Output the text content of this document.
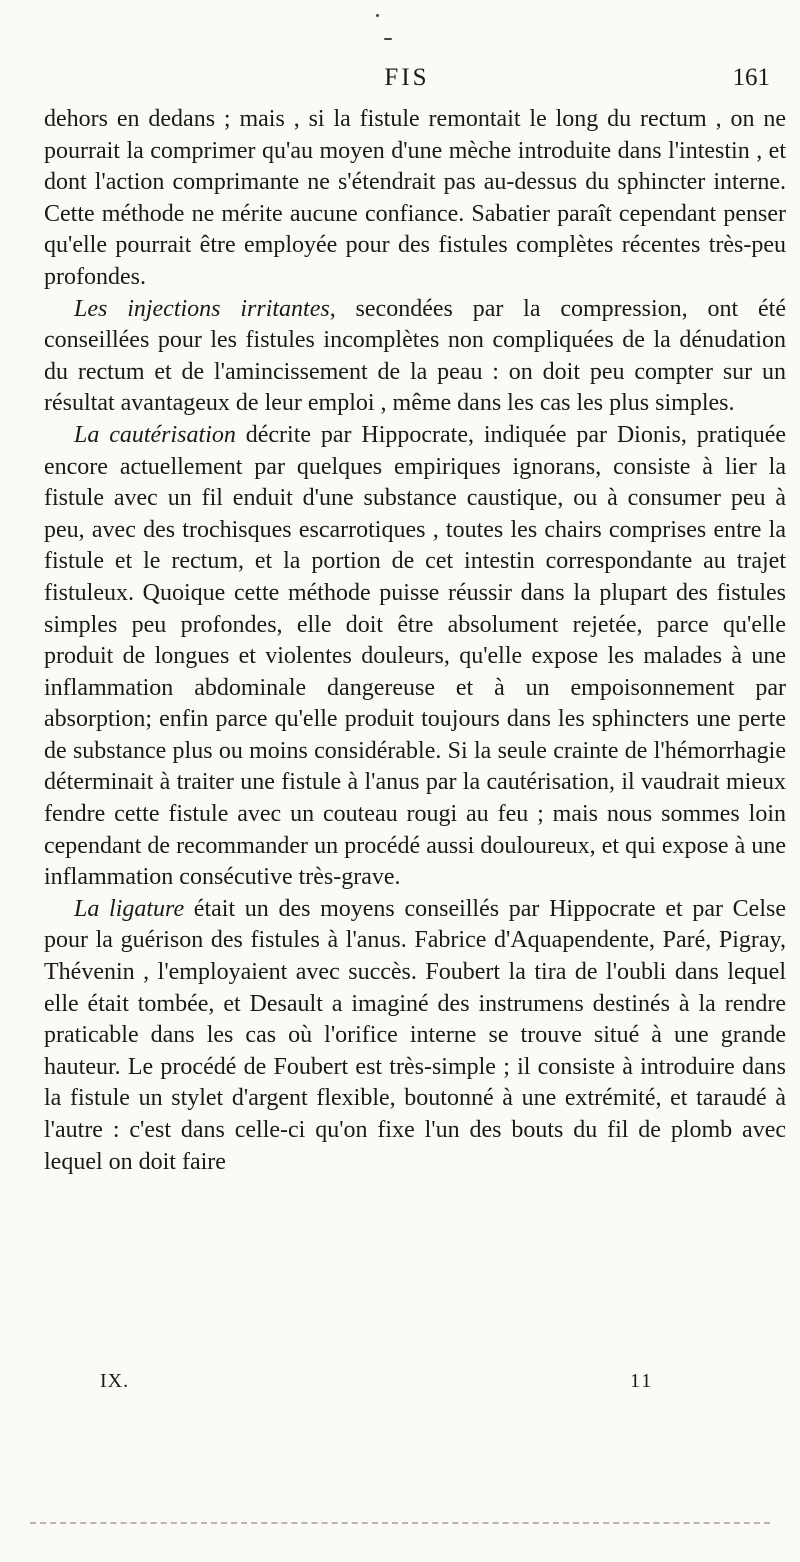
FIS	161

dehors en dedans ; mais , si la fistule remontait le long du rectum , on ne pourrait la comprimer qu'au moyen d'une mèche introduite dans l'intestin , et dont l'action comprimante ne s'étendrait pas au-dessus du sphincter interne. Cette méthode ne mérite aucune confiance. Sabatier paraît cependant penser qu'elle pourrait être employée pour des fistules complètes récentes très-peu profondes.

Les injections irritantes, secondées par la compression, ont été conseillées pour les fistules incomplètes non compliquées de la dénudation du rectum et de l'amincissement de la peau : on doit peu compter sur un résultat avantageux de leur emploi , même dans les cas les plus simples.

La cautérisation décrite par Hippocrate, indiquée par Dionis, pratiquée encore actuellement par quelques empiriques ignorans, consiste à lier la fistule avec un fil enduit d'une substance caustique, ou à consumer peu à peu, avec des trochisques escarrotiques , toutes les chairs comprises entre la fistule et le rectum, et la portion de cet intestin correspondante au trajet fistuleux. Quoique cette méthode puisse réussir dans la plupart des fistules simples peu profondes, elle doit être absolument rejetée, parce qu'elle produit de longues et violentes douleurs, qu'elle expose les malades à une inflammation abdominale dangereuse et à un empoisonnement par absorption; enfin parce qu'elle produit toujours dans les sphincters une perte de substance plus ou moins considérable. Si la seule crainte de l'hémorrhagie déterminait à traiter une fistule à l'anus par la cautérisation, il vaudrait mieux fendre cette fistule avec un couteau rougi au feu ; mais nous sommes loin cependant de recommander un procédé aussi douloureux, et qui expose à une inflammation consécutive très-grave.

La ligature était un des moyens conseillés par Hippocrate et par Celse pour la guérison des fistules à l'anus. Fabrice d'Aquapendente, Paré, Pigray, Thévenin , l'employaient avec succès. Foubert la tira de l'oubli dans lequel elle était tombée, et Desault a imaginé des instrumens destinés à la rendre praticable dans les cas où l'orifice interne se trouve situé à une grande hauteur. Le procédé de Foubert est très-simple ; il consiste à introduire dans la fistule un stylet d'argent flexible, boutonné à une extrémité, et taraudé à l'autre : c'est dans celle-ci qu'on fixe l'un des bouts du fil de plomb avec lequel on doit faire

IX.	11
